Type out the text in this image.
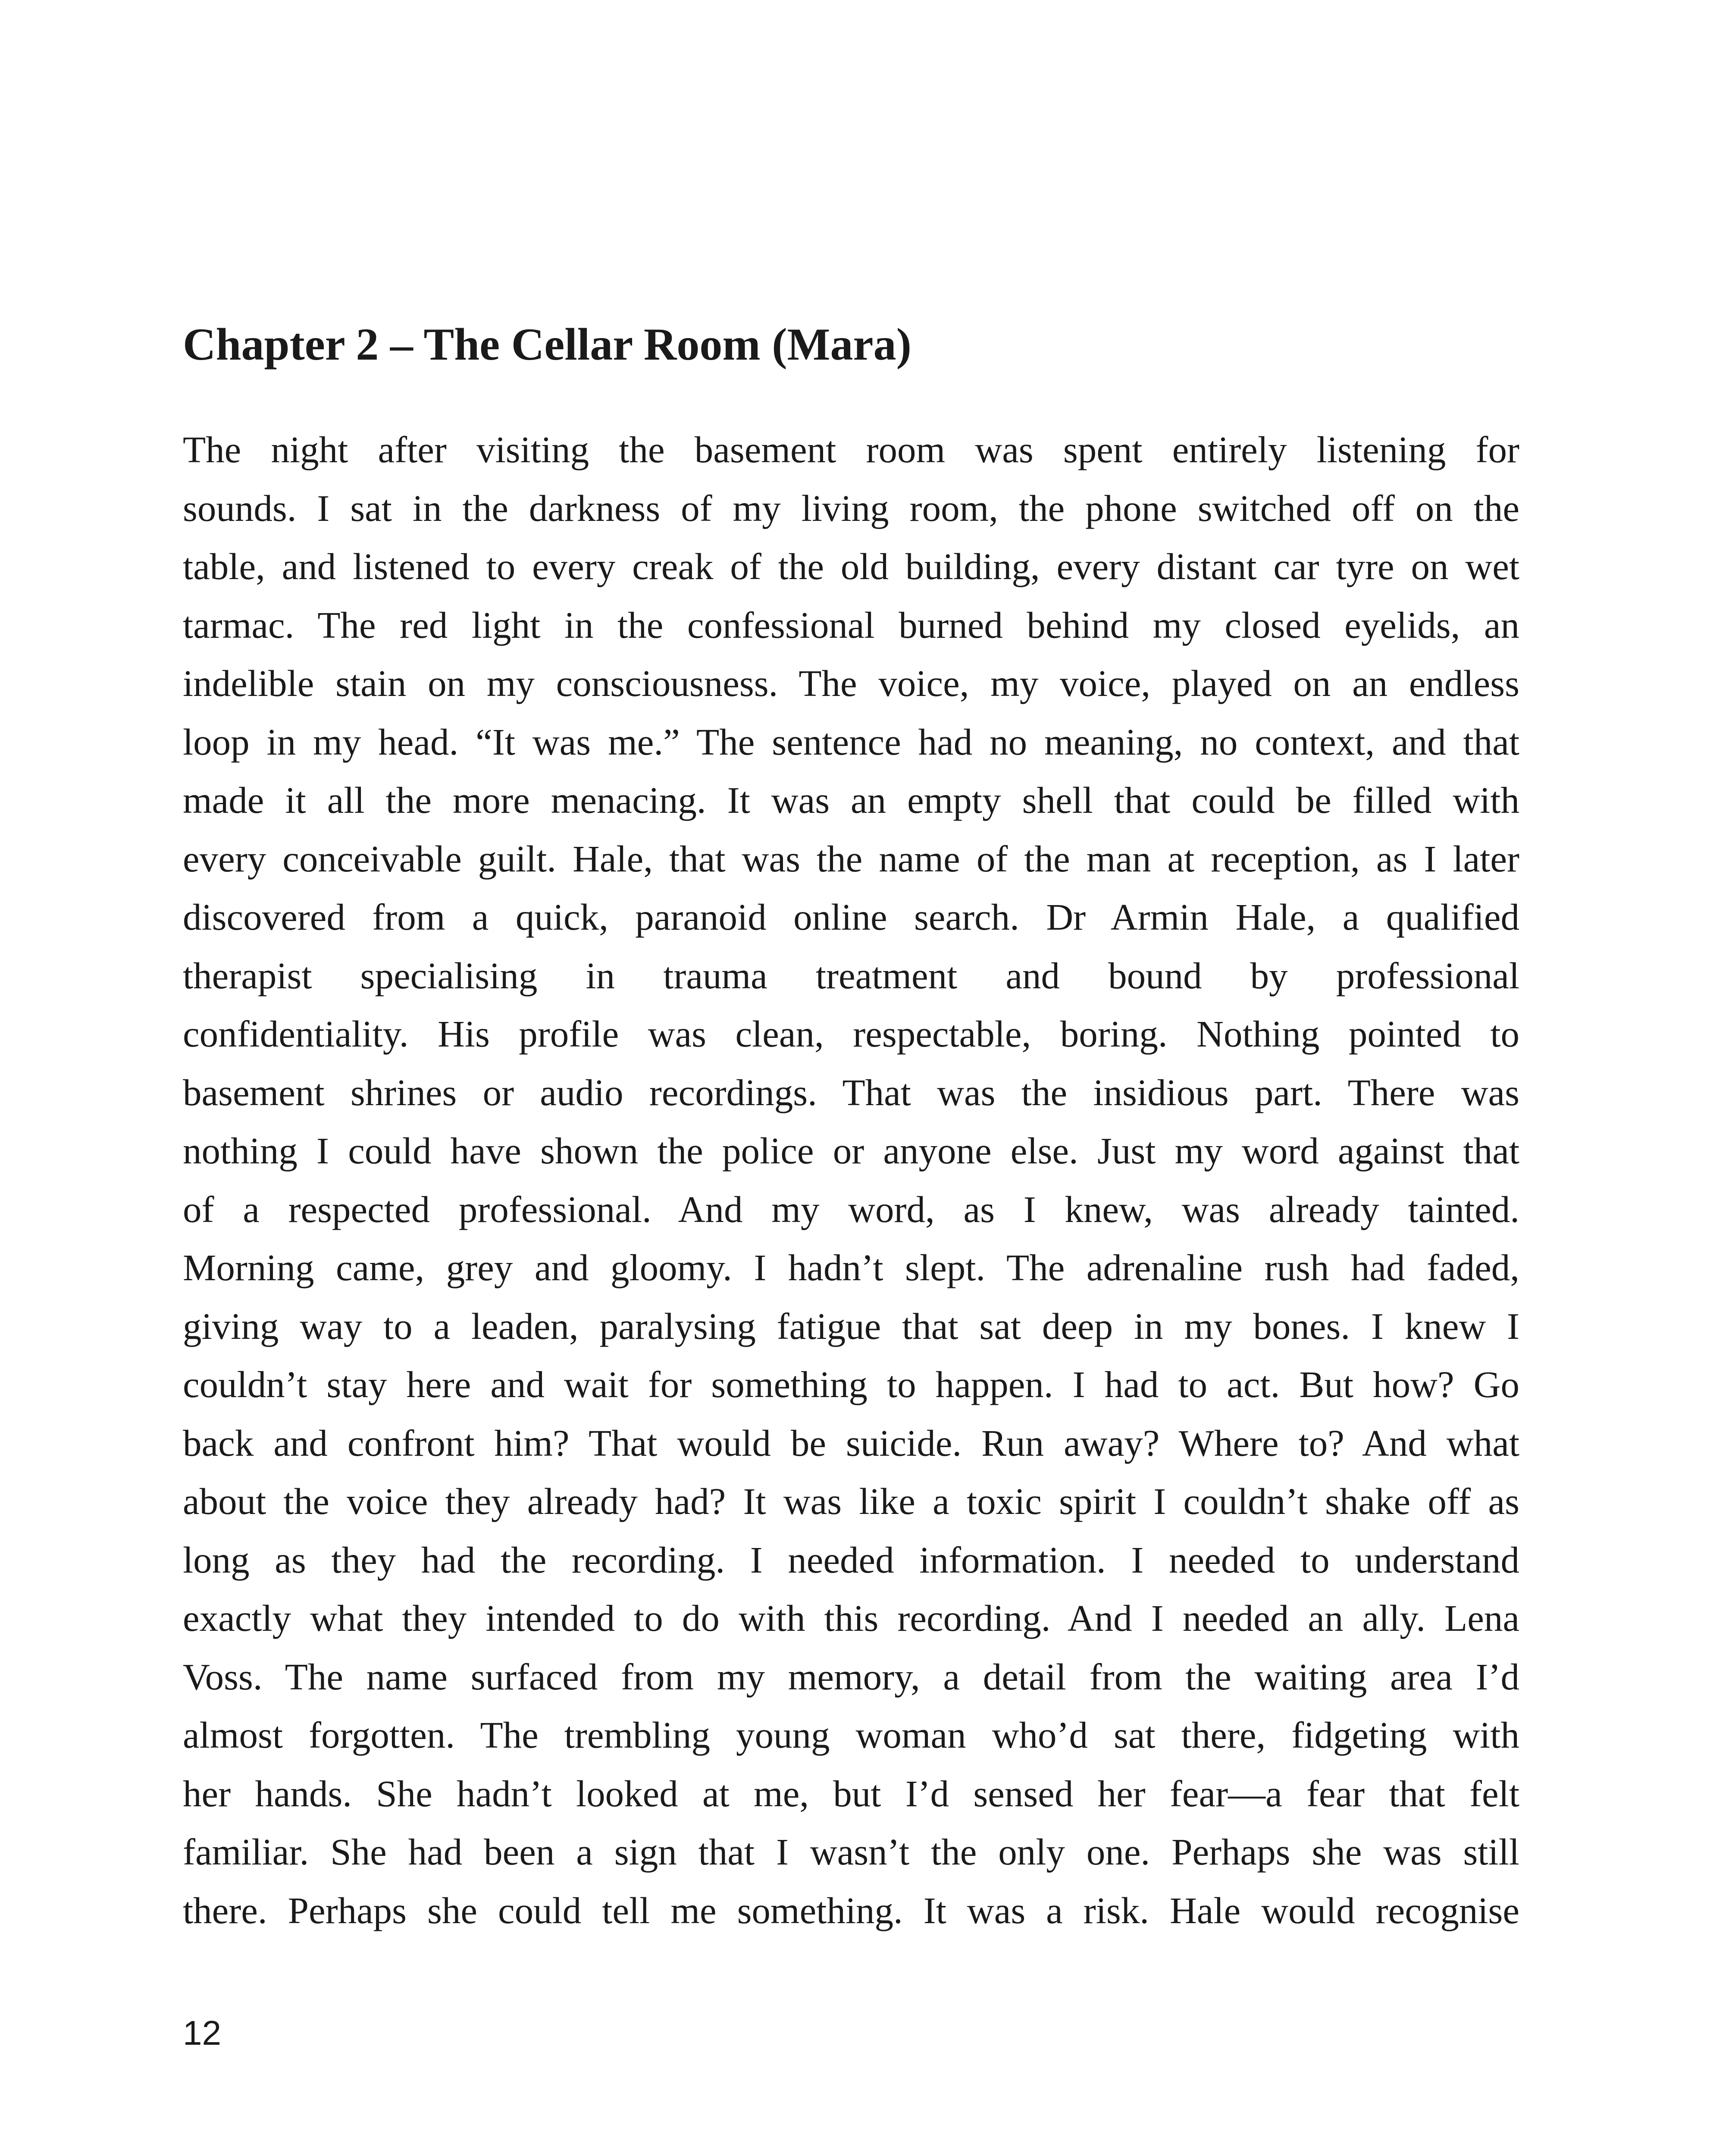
Chapter 2 – The Cellar Room (Mara)
The night after visiting the basement room was spent entirely listening for
sounds. I sat in the darkness of my living room, the phone switched off on the
table, and listened to every creak of the old building, every distant car tyre on wet
tarmac. The red light in the confessional burned behind my closed eyelids, an
indelible stain on my consciousness. The voice, my voice, played on an endless
loop in my head. “It was me.” The sentence had no meaning, no context, and that
made it all the more menacing. It was an empty shell that could be filled with
every conceivable guilt. Hale, that was the name of the man at reception, as I later
discovered from a quick, paranoid online search. Dr Armin Hale, a qualified
therapist specialising in trauma treatment and bound by professional
confidentiality. His profile was clean, respectable, boring. Nothing pointed to
basement shrines or audio recordings. That was the insidious part. There was
nothing I could have shown the police or anyone else. Just my word against that
of a respected professional. And my word, as I knew, was already tainted.
Morning came, grey and gloomy. I hadn’t slept. The adrenaline rush had faded,
giving way to a leaden, paralysing fatigue that sat deep in my bones. I knew I
couldn’t stay here and wait for something to happen. I had to act. But how? Go
back and confront him? That would be suicide. Run away? Where to? And what
about the voice they already had? It was like a toxic spirit I couldn’t shake off as
long as they had the recording. I needed information. I needed to understand
exactly what they intended to do with this recording. And I needed an ally. Lena
Voss. The name surfaced from my memory, a detail from the waiting area I’d
almost forgotten. The trembling young woman who’d sat there, fidgeting with
her hands. She hadn’t looked at me, but I’d sensed her fear—a fear that felt
familiar. She had been a sign that I wasn’t the only one. Perhaps she was still
there. Perhaps she could tell me something. It was a risk. Hale would recognise
12
